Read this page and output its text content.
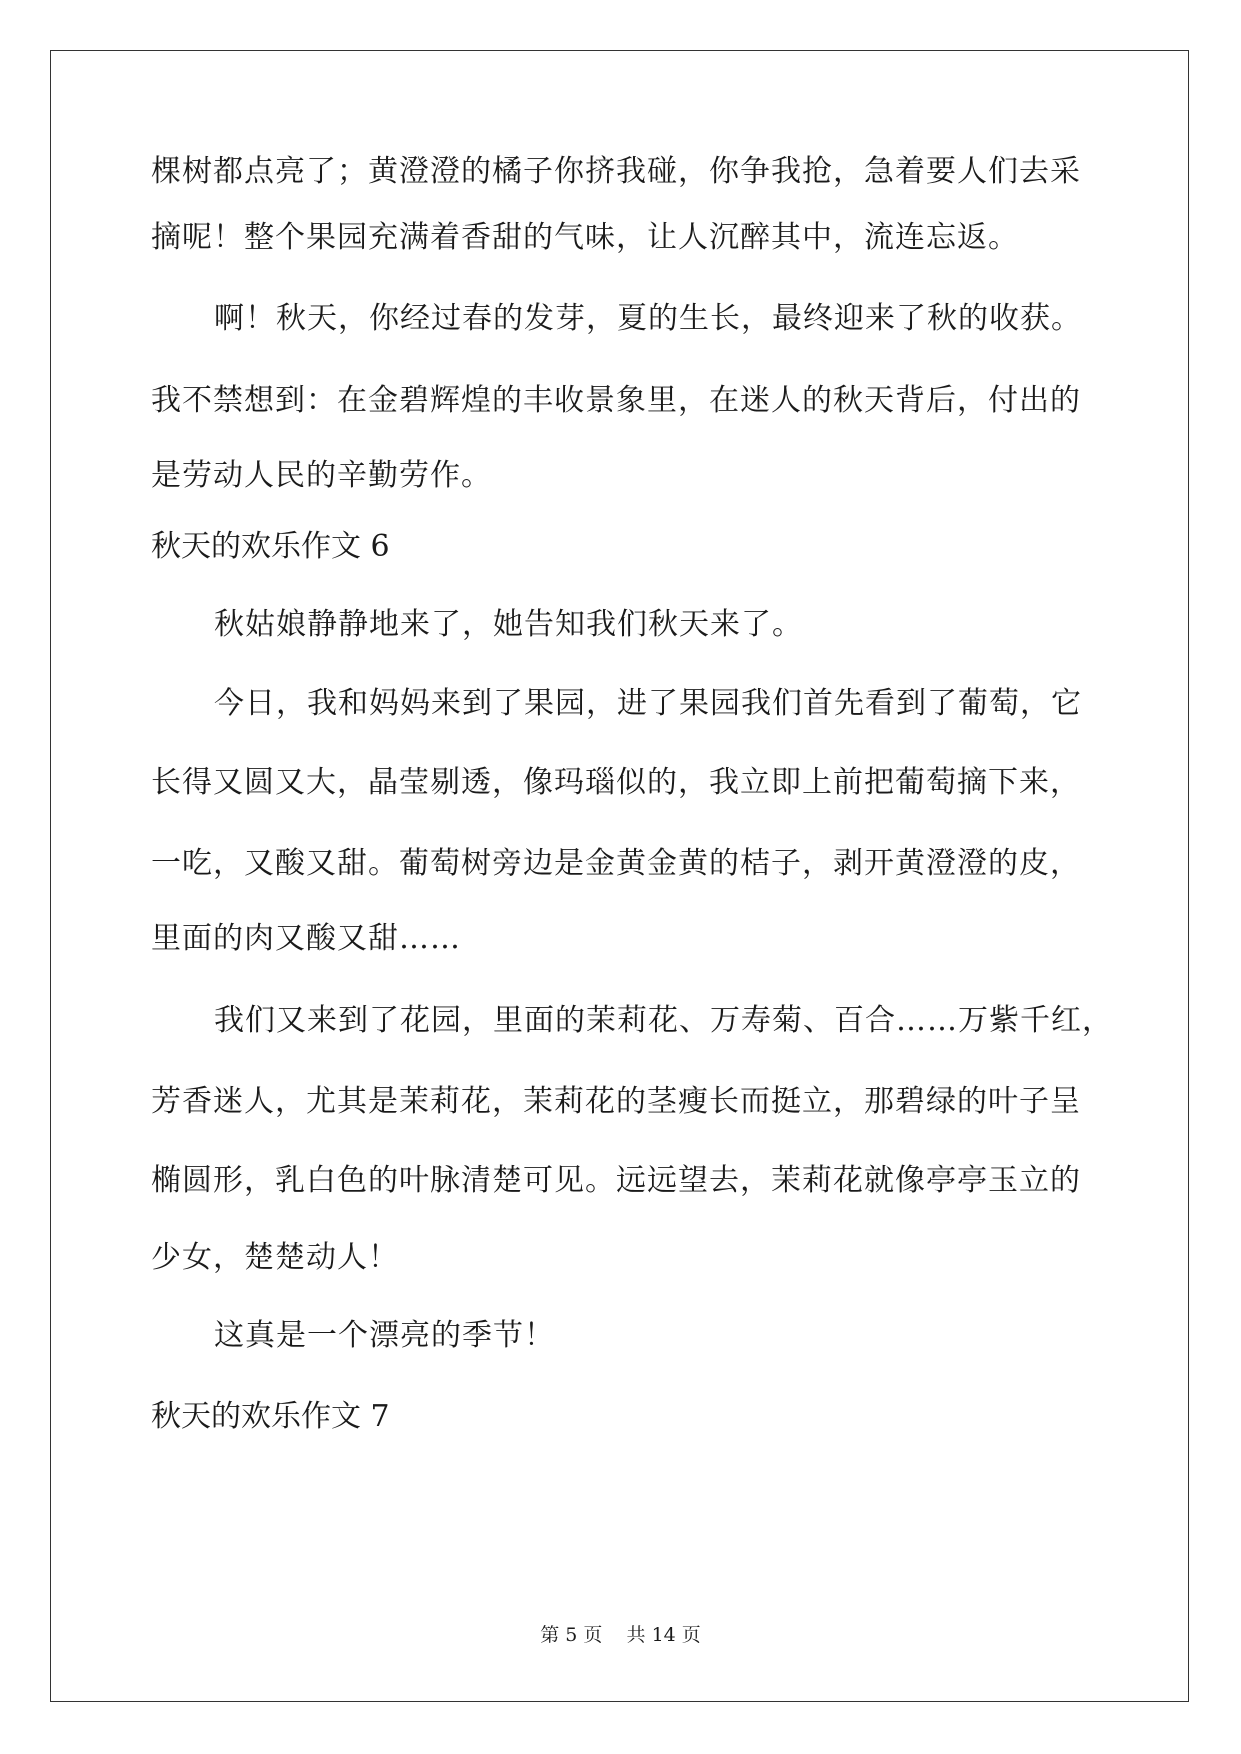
棵树都点亮了；黄澄澄的橘子你挤我碰，你争我抢，急着要人们去采
摘呢！整个果园充满着香甜的气味，让人沉醉其中，流连忘返。
啊！秋天，你经过春的发芽，夏的生长，最终迎来了秋的收获。
我不禁想到：在金碧辉煌的丰收景象里，在迷人的秋天背后，付出的
是劳动人民的辛勤劳作。
秋天的欢乐作文 6
秋姑娘静静地来了，她告知我们秋天来了。
今日，我和妈妈来到了果园，进了果园我们首先看到了葡萄，它
长得又圆又大，晶莹剔透，像玛瑙似的，我立即上前把葡萄摘下来，
一吃，又酸又甜。葡萄树旁边是金黄金黄的桔子，剥开黄澄澄的皮，
里面的肉又酸又甜……
我们又来到了花园，里面的茉莉花、万寿菊、百合……万紫千红，
芳香迷人，尤其是茉莉花，茉莉花的茎瘦长而挺立，那碧绿的叶子呈
椭圆形，乳白色的叶脉清楚可见。远远望去，茉莉花就像亭亭玉立的
少女，楚楚动人！
这真是一个漂亮的季节！
秋天的欢乐作文 7
第 5 页    共 14 页
